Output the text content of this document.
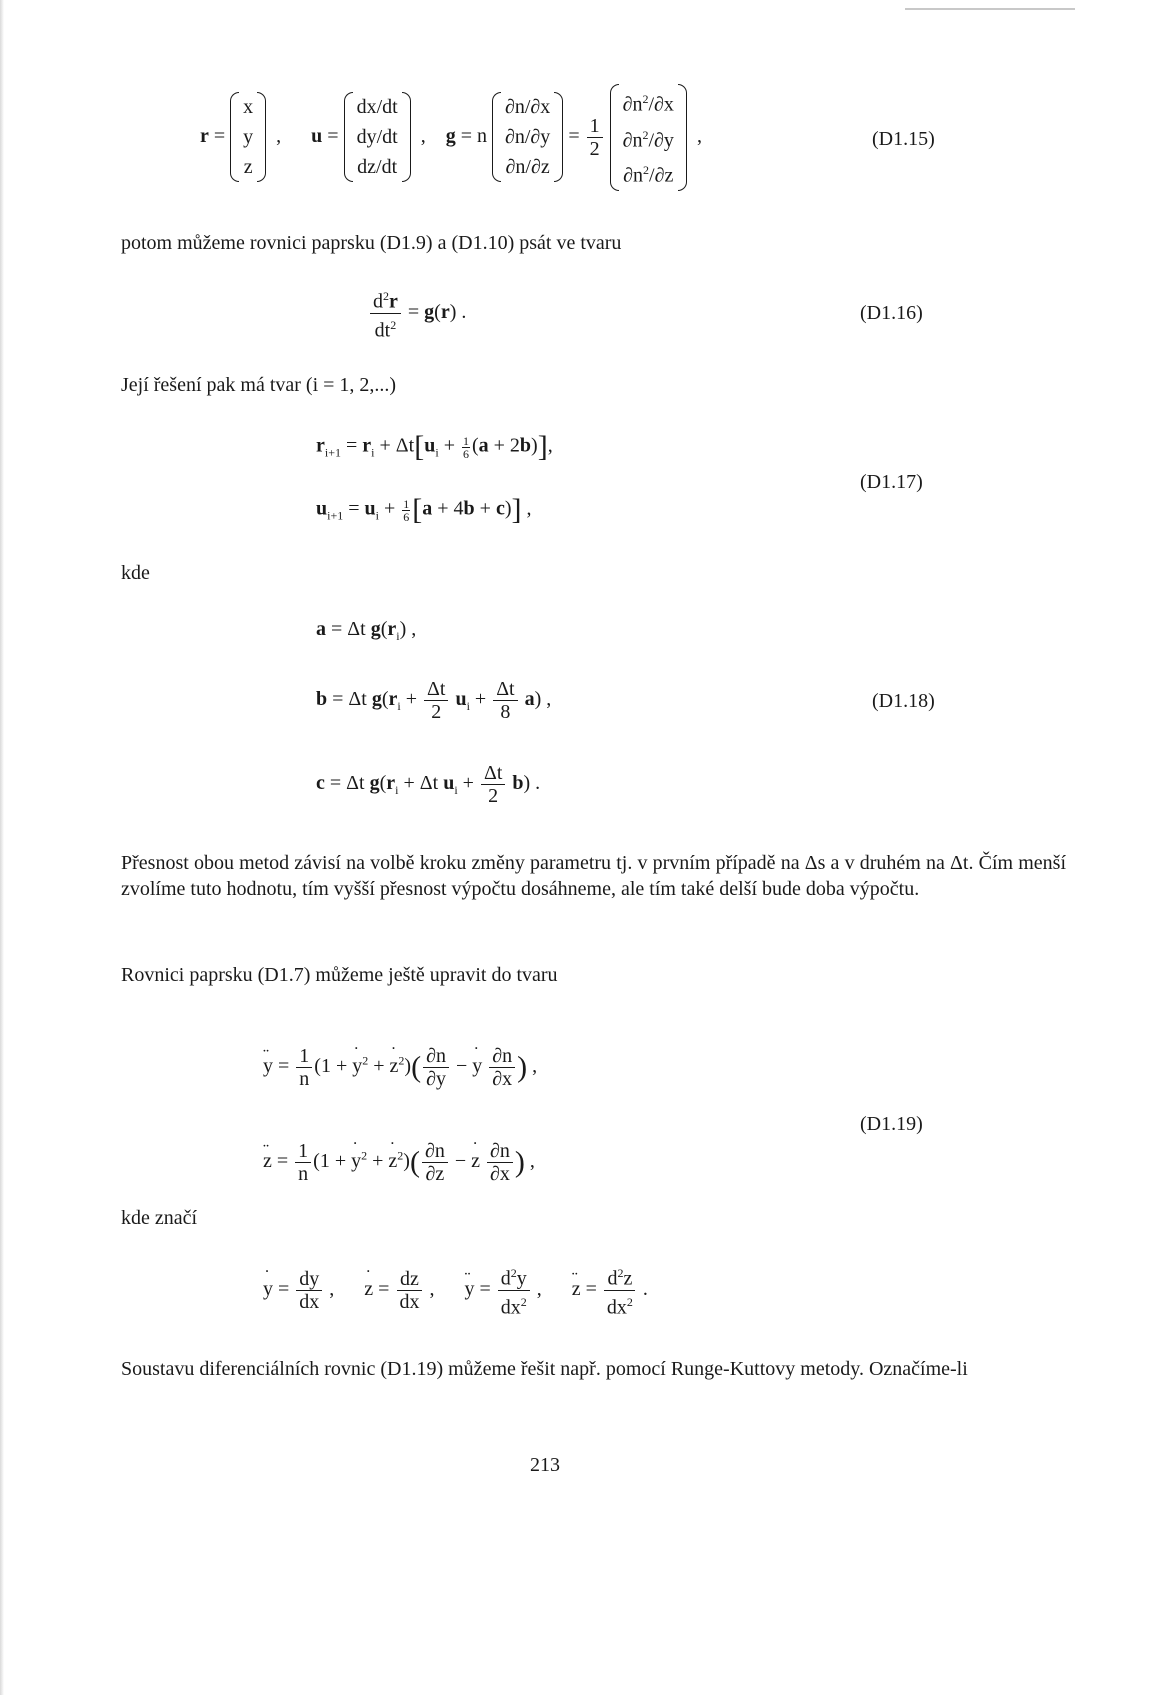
r =
x
y
z
,      u =
dx/dt
dy/dt
dz/dt
,    g = n
∂n/∂x
∂n/∂y
∂n/∂z
= $\frac{1}{2}$

$\partial n^2/\partial x$
$\partial n^2/\partial y$
$\partial n^2/\partial z$
,	(D1.15)
potom můžeme rovnici paprsku (D1.9) a (D1.10) psát ve tvaru
$\frac{d^2r}{dt^2} = g(r)$ .	(D1.16)
Její řešení pak má tvar (i = 1, 2,...)
$r_{i+1} = r_i + \Delta t[u_i + \frac{1}{6} (a + 2b)]$,
$u_{i+1} = u_i + \frac{1}{6} [a + 4b + c)$] ,
(D1.17)
kde
a = Δt $g(r_i)$ ,
b = Δt $g(r_i + \frac{\Delta t}{2} u_i + \frac{\Delta t}{8} a)$ ,
c = Δt $g(r_i + \Delta t$ $u_i + \frac{\Delta t}{2} b$) .
(D1.18)
Přesnost obou metod závisí na volbě kroku změny parametru tj. v prvním případě na Δs a v druhém na Δt. Čím menší zvolíme tuto hodnotu, tím vyšší přesnost výpočtu dosáhneme, ale tím také delší bude doba výpočtu.
Rovnici paprsku (D1.7) můžeme ještě upravit do tvaru
y ¨ = $\frac{1}{n} (1 + y$ ˙$^2$ + z ˙$^2$)( $\frac{\partial n}{\partial y} - y$ ˙ $\frac{\partial n}{\partial x}$ ) ,
z ¨ = $\frac{1}{n} (1 + y$ ˙$^2$ + z ˙$^2$)( $\frac{\partial n}{\partial z} - z$ ˙ $\frac{\partial n}{\partial x}$ ) ,
(D1.19)
kde značí
y ˙ = $\frac{dy}{dx}$ ,      z ˙ = $\frac{dz}{dx}$ ,      y ¨ = $\frac{d^2y}{dx^2}$ ,      z ¨ = $\frac{d^2z}{dx^2}$ .
Soustavu diferenciálních rovnic (D1.19) můžeme řešit např. pomocí Runge-Kuttovy metody. Označíme-li
213
